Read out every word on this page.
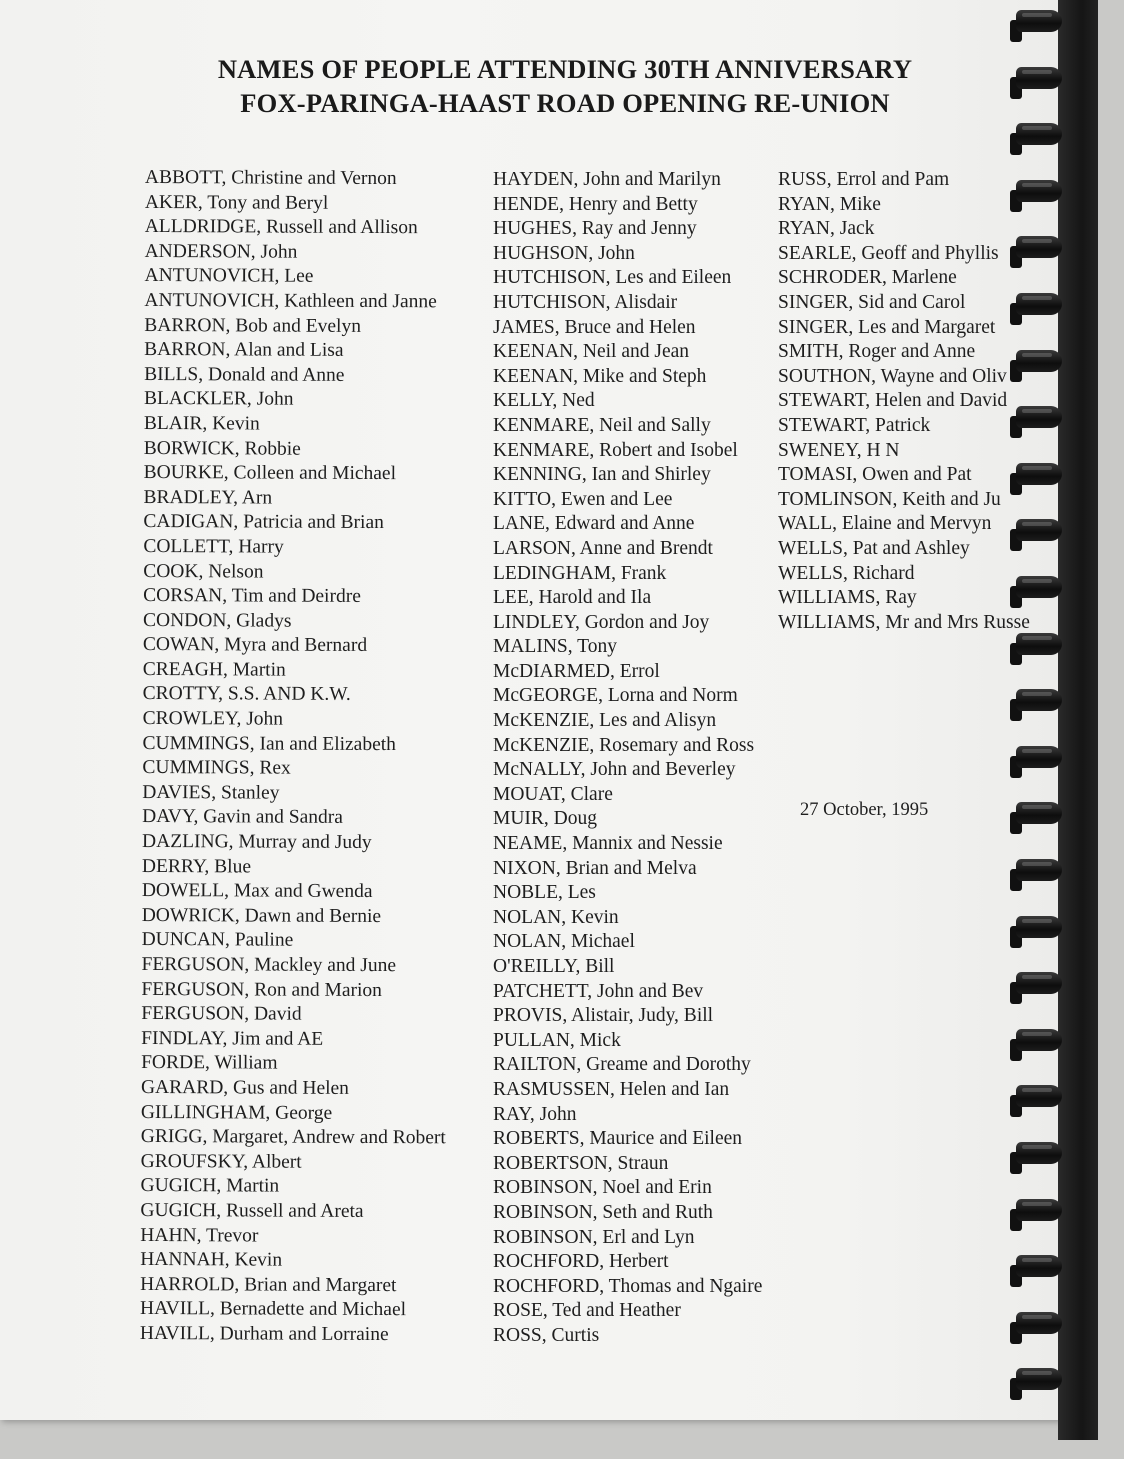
NAMES OF PEOPLE ATTENDING 30TH ANNIVERSARY
FOX-PARINGA-HAAST ROAD OPENING RE-UNION
ABBOTT, Christine and Vernon
AKER, Tony and Beryl
ALLDRIDGE, Russell and Allison
ANDERSON, John
ANTUNOVICH, Lee
ANTUNOVICH, Kathleen and Janne
BARRON, Bob and Evelyn
BARRON, Alan and Lisa
BILLS, Donald and Anne
BLACKLER, John
BLAIR, Kevin
BORWICK, Robbie
BOURKE, Colleen and Michael
BRADLEY, Arn
CADIGAN, Patricia and Brian
COLLETT, Harry
COOK, Nelson
CORSAN, Tim and Deirdre
CONDON, Gladys
COWAN, Myra and Bernard
CREAGH, Martin
CROTTY, S.S. AND K.W.
CROWLEY, John
CUMMINGS, Ian and Elizabeth
CUMMINGS, Rex
DAVIES, Stanley
DAVY, Gavin and Sandra
DAZLING, Murray and Judy
DERRY, Blue
DOWELL, Max and Gwenda
DOWRICK, Dawn and Bernie
DUNCAN, Pauline
FERGUSON, Mackley and June
FERGUSON, Ron and Marion
FERGUSON, David
FINDLAY, Jim and AE
FORDE, William
GARARD, Gus and Helen
GILLINGHAM, George
GRIGG, Margaret, Andrew and Robert
GROUFSKY, Albert
GUGICH, Martin
GUGICH, Russell and Areta
HAHN, Trevor
HANNAH, Kevin
HARROLD, Brian and Margaret
HAVILL, Bernadette and Michael
HAVILL, Durham and Lorraine
HAYDEN, John and Marilyn
HENDE, Henry and Betty
HUGHES, Ray and Jenny
HUGHSON, John
HUTCHISON, Les and Eileen
HUTCHISON, Alisdair
JAMES, Bruce and Helen
KEENAN, Neil and Jean
KEENAN, Mike and Steph
KELLY, Ned
KENMARE, Neil and Sally
KENMARE, Robert and Isobel
KENNING, Ian and Shirley
KITTO, Ewen and Lee
LANE, Edward and Anne
LARSON, Anne and Brendt
LEDINGHAM, Frank
LEE, Harold and Ila
LINDLEY, Gordon and Joy
MALINS, Tony
McDIARMED, Errol
McGEORGE, Lorna and Norm
McKENZIE, Les and Alisyn
McKENZIE, Rosemary and Ross
McNALLY, John and Beverley
MOUAT, Clare
MUIR, Doug
NEAME, Mannix and Nessie
NIXON, Brian and Melva
NOBLE, Les
NOLAN, Kevin
NOLAN, Michael
O'REILLY, Bill
PATCHETT, John and Bev
PROVIS, Alistair, Judy, Bill
PULLAN, Mick
RAILTON, Greame and Dorothy
RASMUSSEN, Helen and Ian
RAY, John
ROBERTS, Maurice and Eileen
ROBERTSON, Straun
ROBINSON, Noel and Erin
ROBINSON, Seth and Ruth
ROBINSON, Erl and Lyn
ROCHFORD, Herbert
ROCHFORD, Thomas and Ngaire
ROSE, Ted and Heather
ROSS, Curtis
RUSS, Errol and Pam
RYAN, Mike
RYAN, Jack
SEARLE, Geoff and Phyllis
SCHRODER, Marlene
SINGER, Sid and Carol
SINGER, Les and Margaret
SMITH, Roger and Anne
SOUTHON, Wayne and Oliv
STEWART, Helen and David
STEWART, Patrick
SWENEY, H N
TOMASI, Owen and Pat
TOMLINSON, Keith and Ju
WALL, Elaine and Mervyn
WELLS, Pat and Ashley
WELLS, Richard
WILLIAMS, Ray
WILLIAMS, Mr and Mrs Russe
27 October, 1995
